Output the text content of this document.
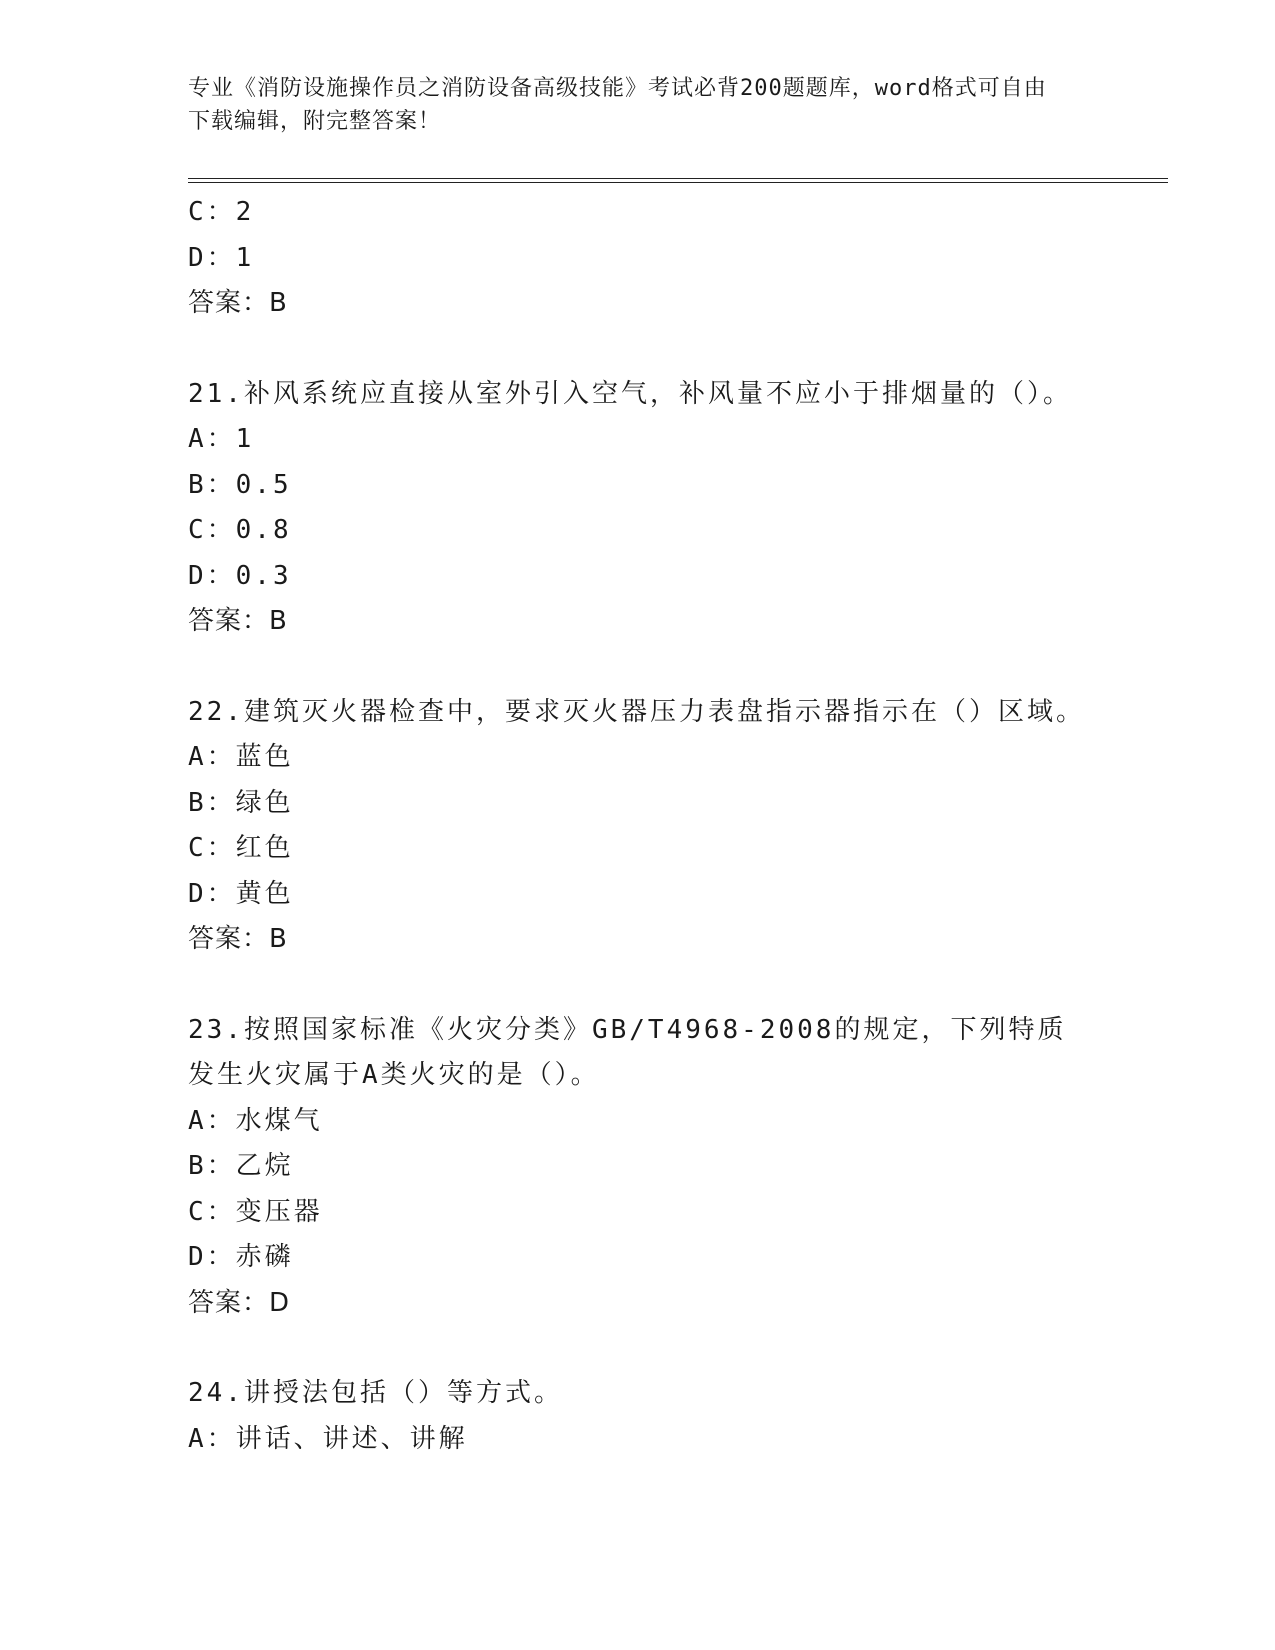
专业《消防设施操作员之消防设备高级技能》考试必背200题题库，word格式可自由下载编辑，附完整答案！
C：2
D：1
答案：B
21.补风系统应直接从室外引入空气，补风量不应小于排烟量的（）。
A：1
B：0.5
C：0.8
D：0.3
答案：B
22.建筑灭火器检查中，要求灭火器压力表盘指示器指示在（）区域。
A：蓝色
B：绿色
C：红色
D：黄色
答案：B
23.按照国家标准《火灾分类》GB/T4968-2008的规定，下列特质发生火灾属于A类火灾的是（）。
A：水煤气
B：乙烷
C：变压器
D：赤磷
答案：D
24.讲授法包括（）等方式。
A：讲话、讲述、讲解
